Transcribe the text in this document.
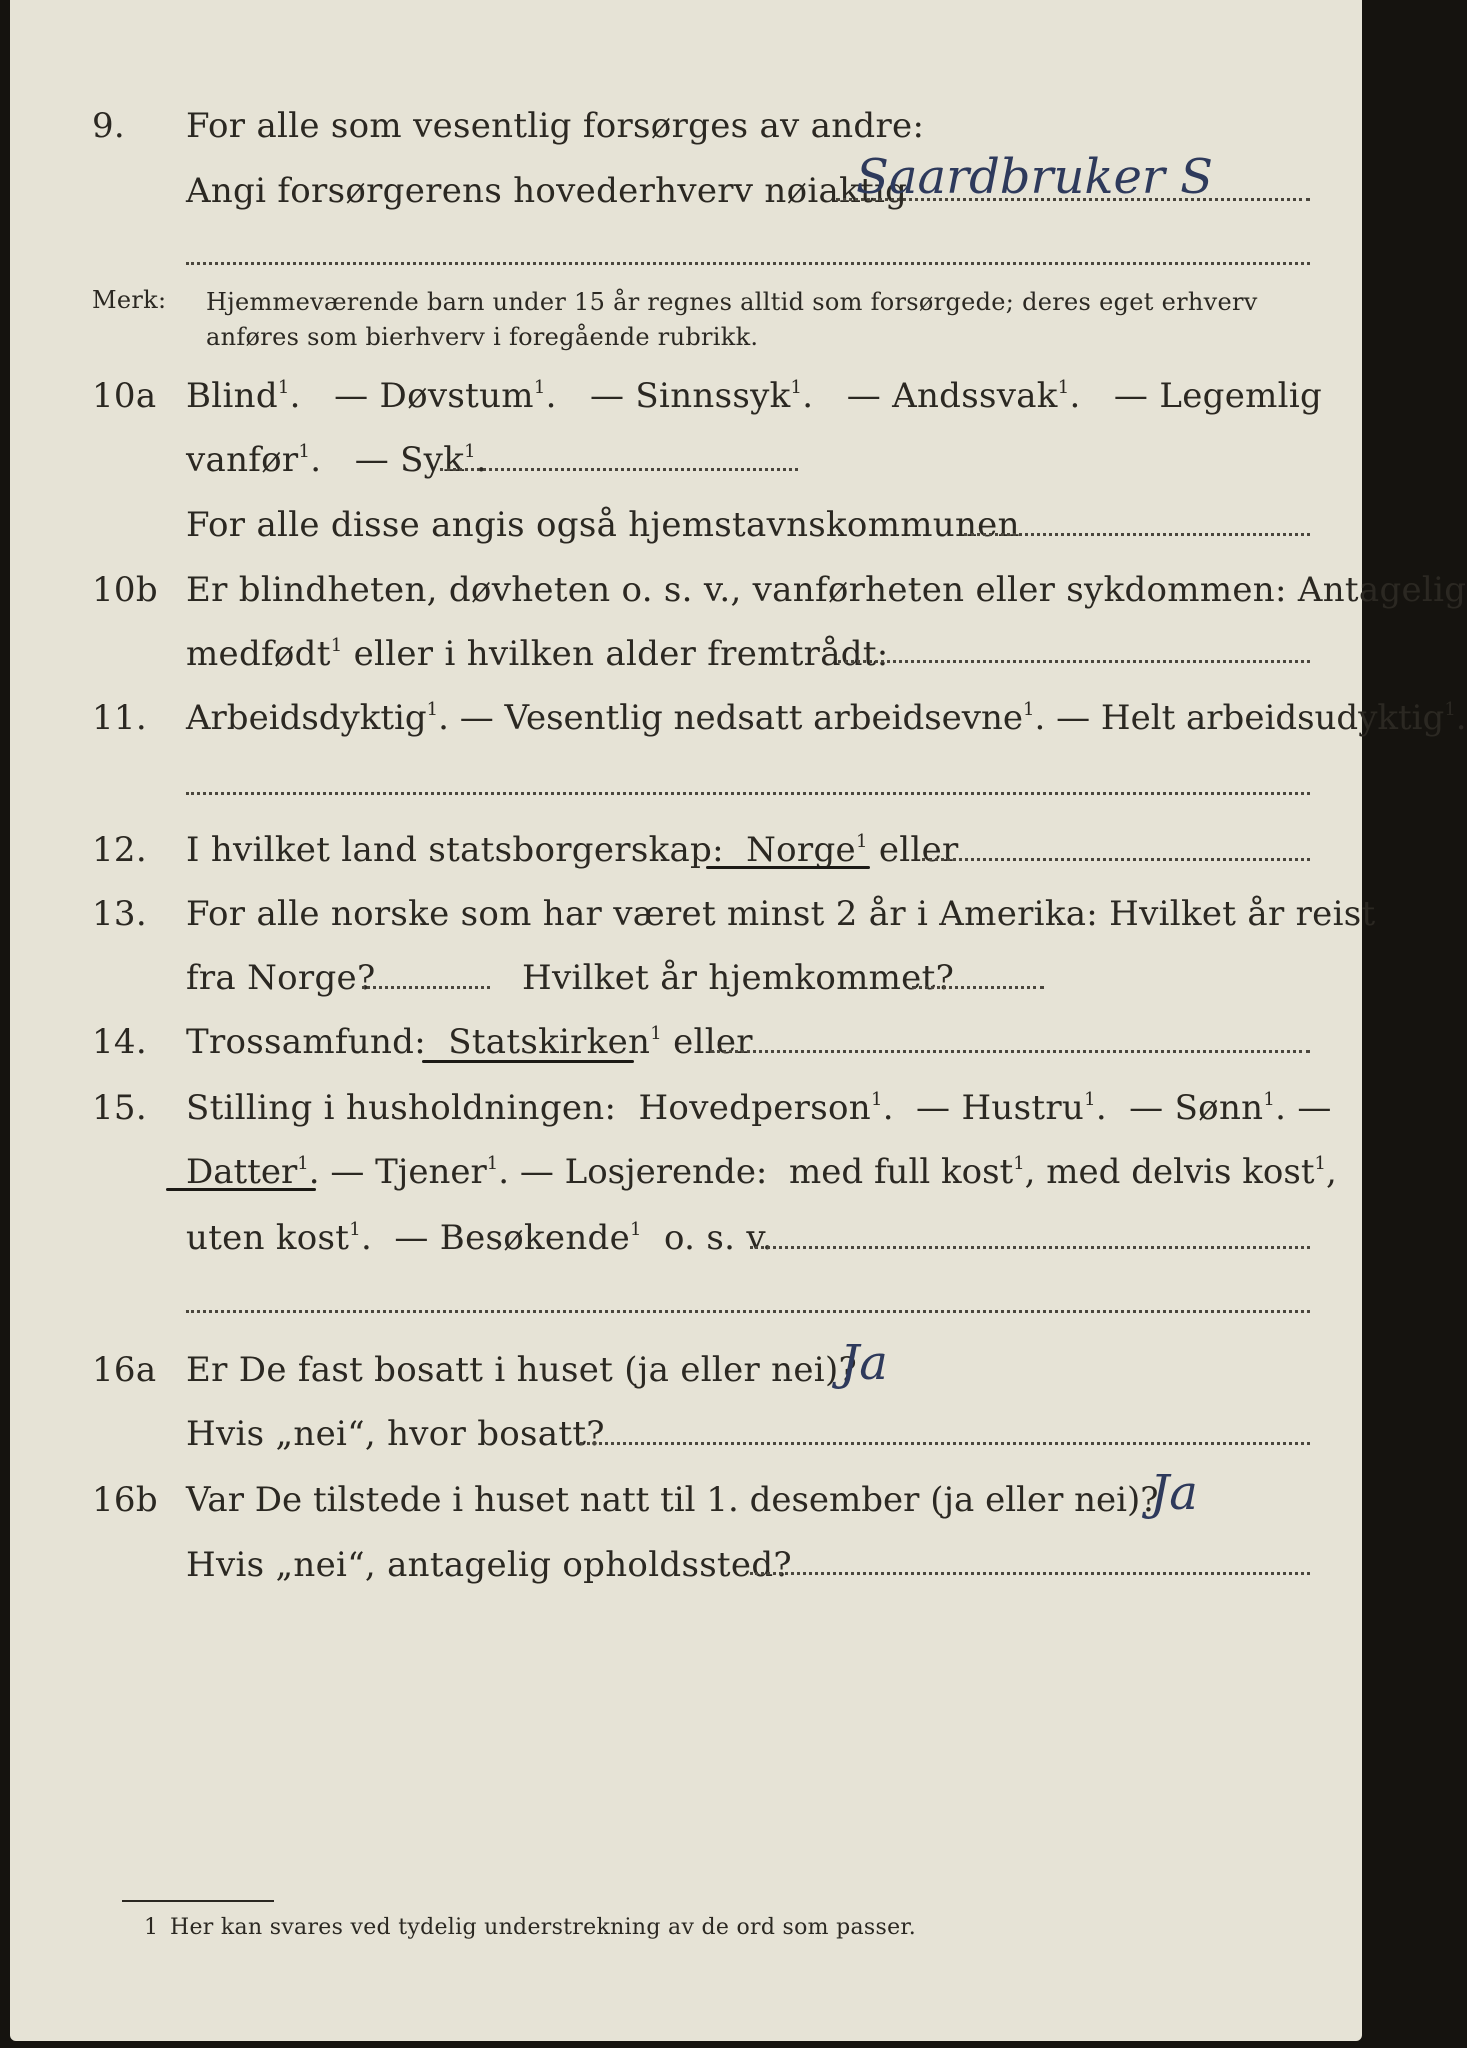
9. For alle som vesentlig forsørges av andre:
Angi forsørgerens hovederhverv nøiaktig
Saardbruker S
Merk: Hjemmeværende barn under 15 år regnes alltid som forsørgede; deres eget erhverv
anføres som bierhverv i foregående rubrikk.
10a Blind$^1$.   — Døvstum$^1$.   — Sinnssyk$^1$.   — Andssvak$^1$.   — Legemlig
vanfør$^1$.   — Syk$^1$.
For alle disse angis også hjemstavnskommunen
10b Er blindheten, døvheten o. s. v., vanførheten eller sykdommen: Antagelig
medfødt$^1$ eller i hvilken alder fremtrådt:
11. Arbeidsdyktig$^1$. — Vesentlig nedsatt arbeidsevne$^1$. — Helt arbeidsudyktig$^1$.
12. I hvilket land statsborgerskap: Norge$^1$ eller
13. For alle norske som har været minst 2 år i Amerika: Hvilket år reist
fra Norge?	Hvilket år hjemkommet?
14. Trossamfund: Statskirken$^1$ eller
15. Stilling i husholdningen: Hovedperson$^1$.  — Hustru$^1$.  — Sønn$^1$. —
Datter$^1$. — Tjener$^1$. — Losjerende: med full kost$^1$, med delvis kost$^1$,
uten kost$^1$.  — Besøkende$^1$ o. s. v.
16a Er De fast bosatt i huset (ja eller nei)?
Ja
Hvis „nei“, hvor bosatt?
16b Var De tilstede i huset natt til 1. desember (ja eller nei)?
Ja
Hvis „nei“, antagelig opholdssted?
1 Her kan svares ved tydelig understrekning av de ord som passer.
